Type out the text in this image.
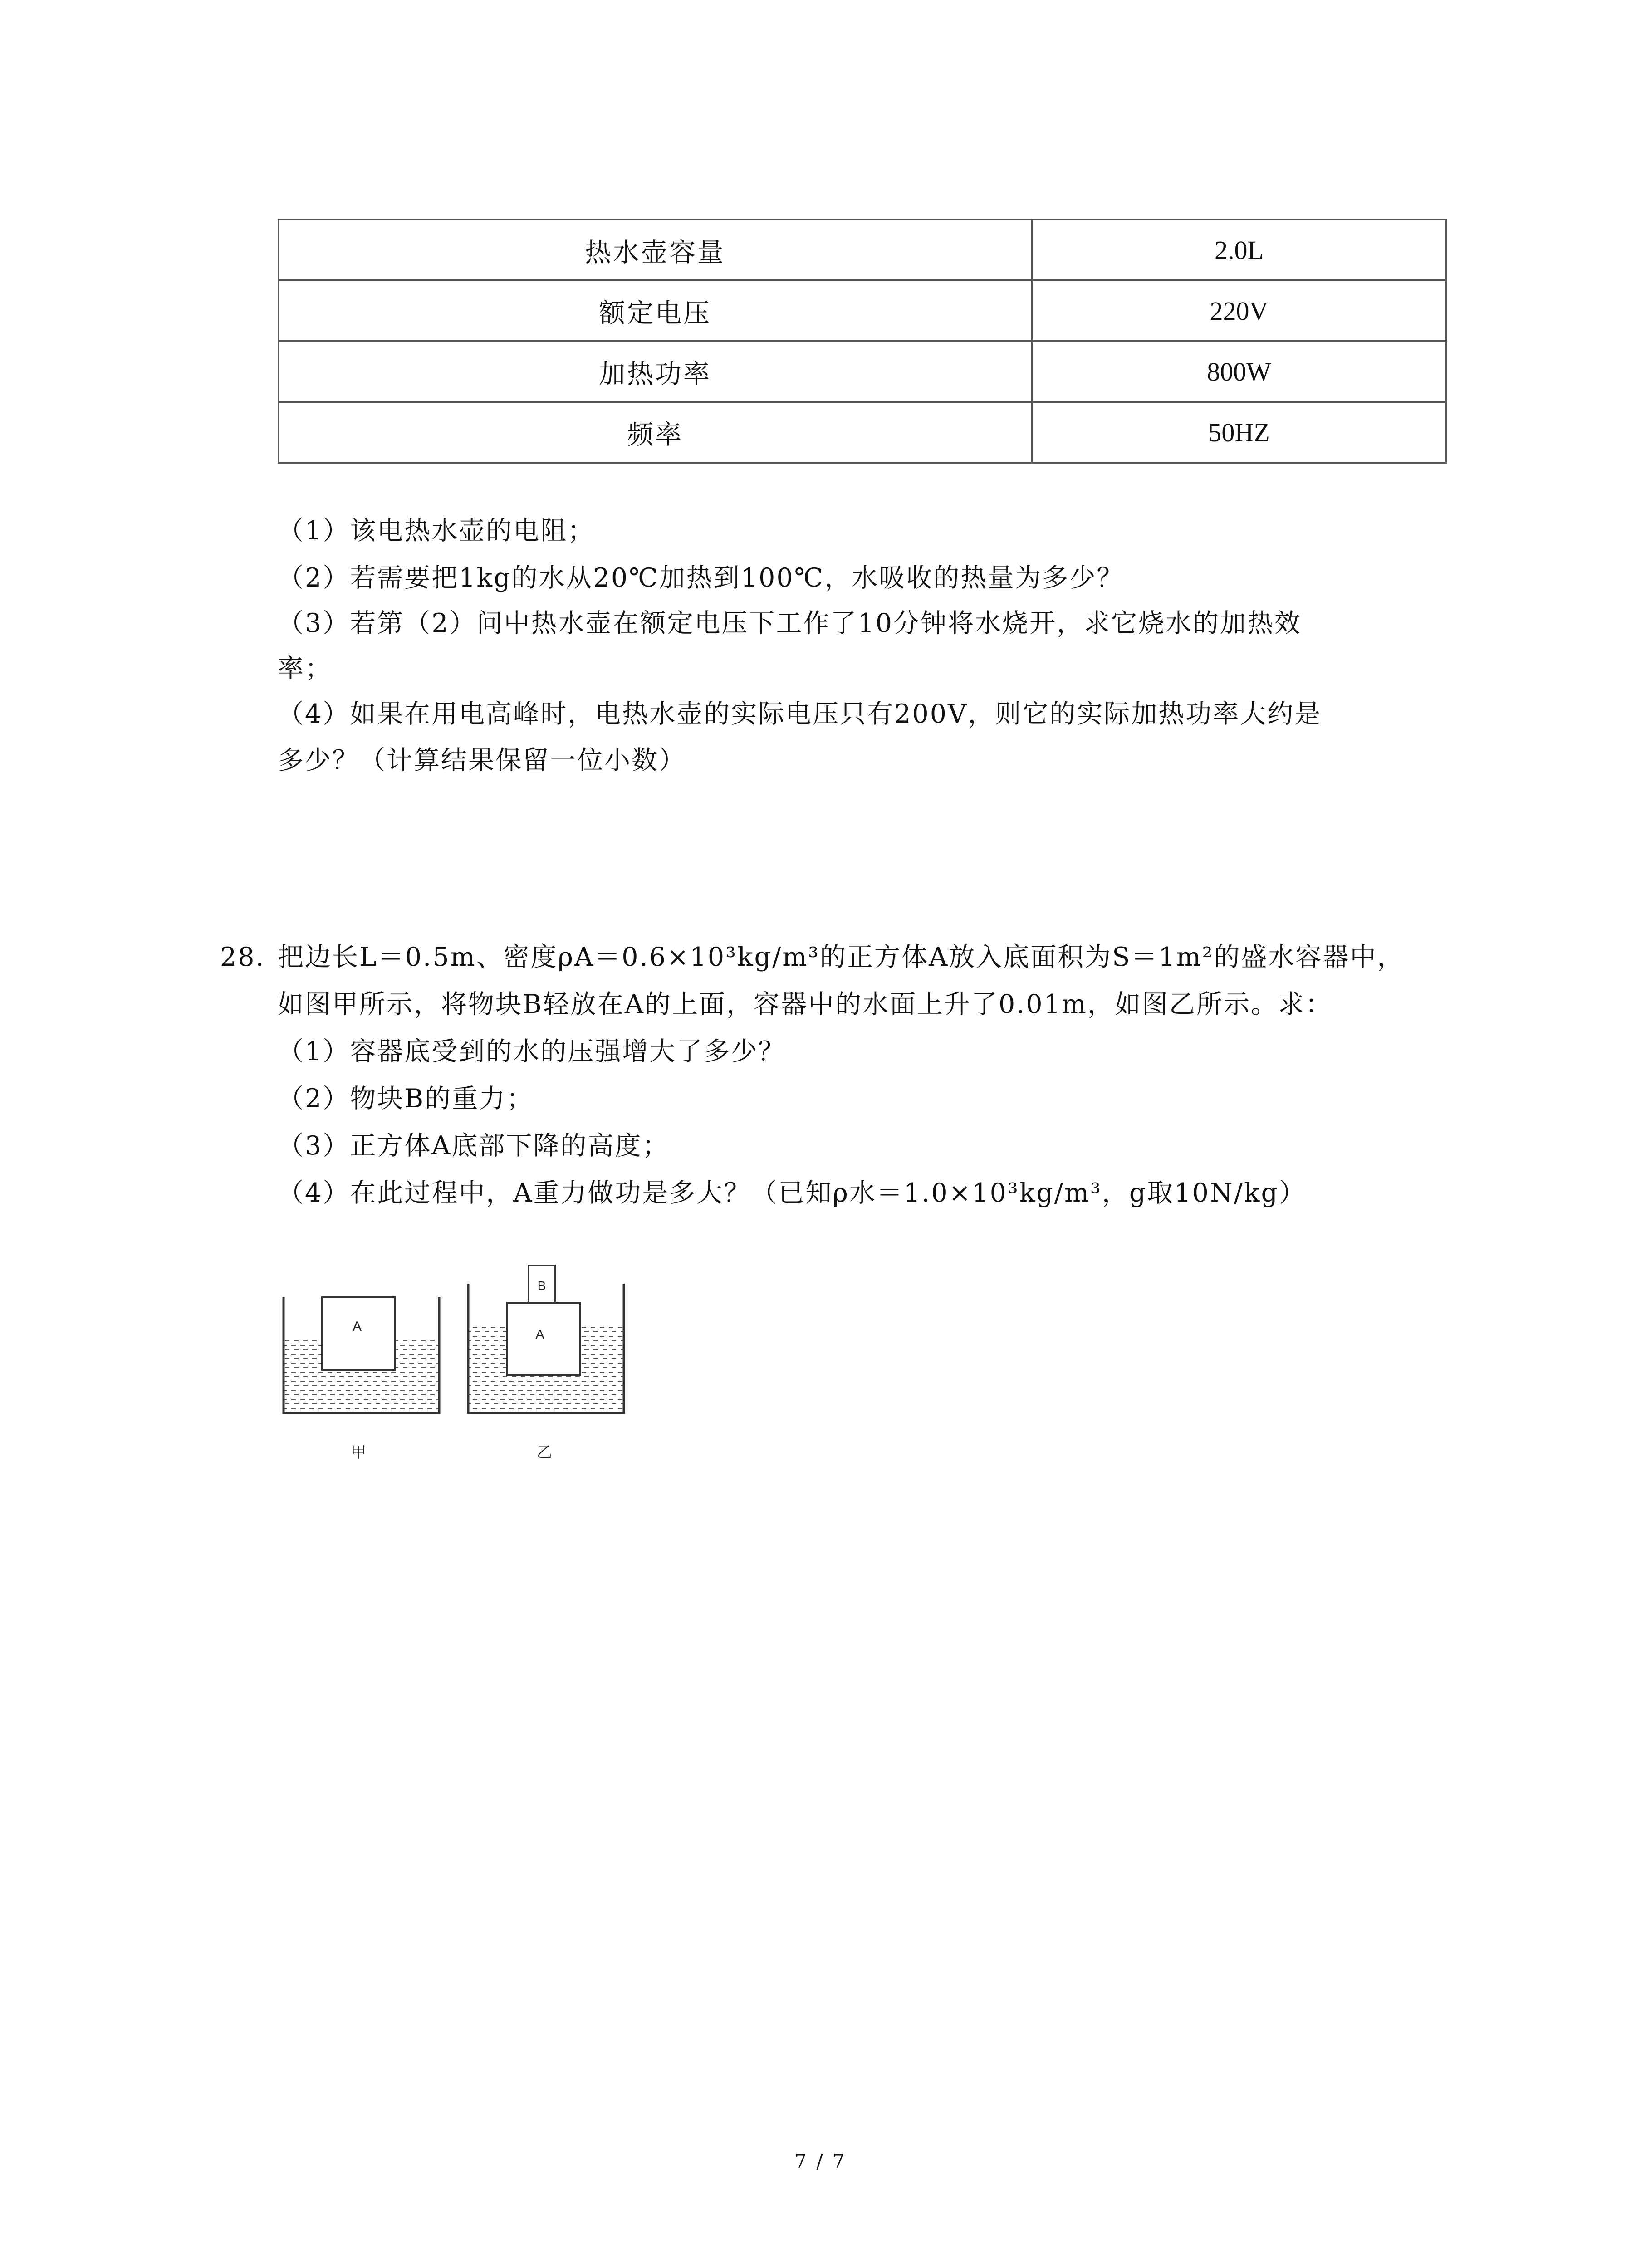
热水壶容量	2.0L
额定电压	220V
加热功率	800W
频率	50HZ
（1）该电热水壶的电阻；
（2）若需要把1kg的水从20℃加热到100℃，水吸收的热量为多少？
（3）若第（2）问中热水壶在额定电压下工作了10分钟将水烧开，求它烧水的加热效
率；
（4）如果在用电高峰时，电热水壶的实际电压只有200V，则它的实际加热功率大约是
多少？（计算结果保留一位小数）
28. 把边长L＝0.5m、密度ρA＝0.6×10³kg/m³的正方体A放入底面积为S＝1m²的盛水容器中，
如图甲所示，将物块B轻放在A的上面，容器中的水面上升了0.01m，如图乙所示。求：
（1）容器底受到的水的压强增大了多少？
（2）物块B的重力；
（3）正方体A底部下降的高度；
（4）在此过程中，A重力做功是多大？（已知ρ水＝1.0×10³kg/m³，g取10N/kg）
A
甲
A
B
乙
7 / 7
